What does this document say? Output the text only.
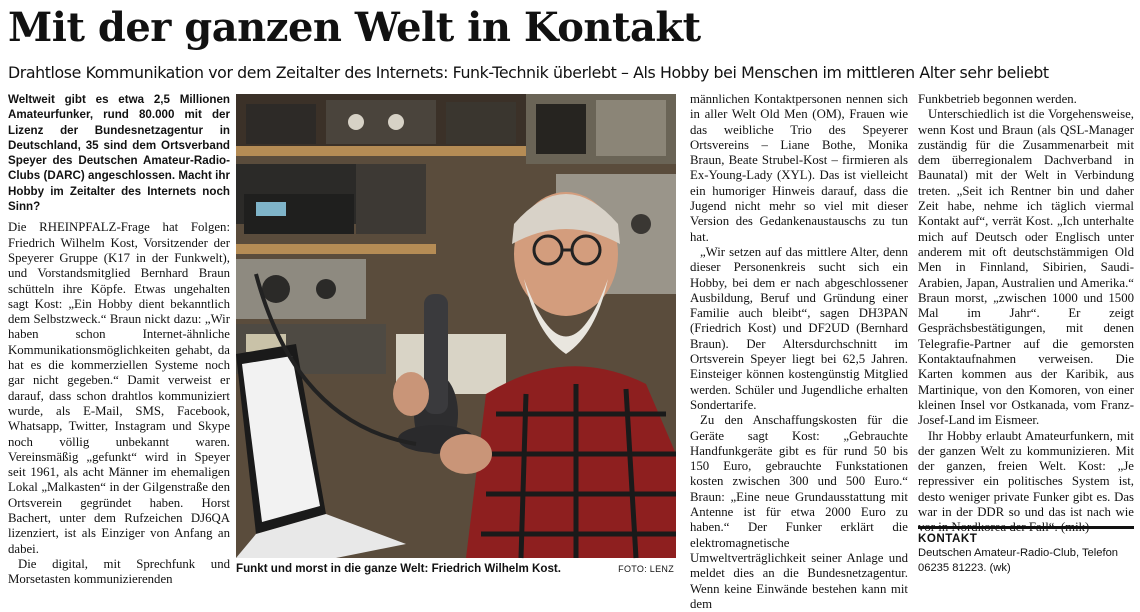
Mit der ganzen Welt in Kontakt
Drahtlose Kommunikation vor dem Zeitalter des Internets: Funk-Technik überlebt – Als Hobby bei Menschen im mittleren Alter sehr beliebt

Weltweit gibt es etwa 2,5 Millionen Amateurfunker, rund 80.000 mit der Lizenz der Bundesnetzagentur in Deutschland, 35 sind dem Ortsverband Speyer des Deutschen Amateur-Radio-Clubs (DARC) angeschlossen. Macht ihr Hobby im Zeitalter des Internets noch Sinn?

Die RHEINPFALZ-Frage hat Folgen: Friedrich Wilhelm Kost, Vorsitzender der Speyerer Gruppe (K17 in der Funkwelt), und Vorstandsmitglied Bernhard Braun schütteln ihre Köpfe. Etwas ungehalten sagt Kost: „Ein Hobby dient bekanntlich dem Selbstzweck.“ Braun nickt dazu: „Wir haben schon Internet-ähnliche Kommunikationsmöglichkeiten gehabt, da hat es die kommerziellen Systeme noch gar nicht gegeben.“ Damit verweist er darauf, dass schon drahtlos kommuniziert wurde, als E-Mail, SMS, Facebook, Whatsapp, Twitter, Instagram und Skype noch völlig unbekannt waren. Vereinsmäßig „gefunkt“ wird in Speyer seit 1961, als acht Männer im ehemaligen Lokal „Malkasten“ in der Gilgenstraße den Ortsverein gegründet haben. Horst Bachert, unter dem Rufzeichen DJ6QA lizenziert, ist als Einziger von Anfang an dabei.

Die digital, mit Sprechfunk und Morsetasten kommunizierenden

Funkt und morst in die ganze Welt: Friedrich Wilhelm Kost.	FOTO: LENZ

männlichen Kontaktpersonen nennen sich in aller Welt Old Men (OM), Frauen wie das weibliche Trio des Speyerer Ortsvereins – Liane Bothe, Monika Braun, Beate Strubel-Kost – firmieren als Ex-Young-Lady (XYL). Das ist vielleicht ein humoriger Hinweis darauf, dass die Jugend nicht mehr so viel mit dieser Version des Gedankenaustauschs zu tun hat.

„Wir setzen auf das mittlere Alter, denn dieser Personenkreis sucht sich ein Hobby, bei dem er nach abgeschlossener Ausbildung, Beruf und Gründung einer Familie auch bleibt“, sagen DH3PAN (Friedrich Kost) und DF2UD (Bernhard Braun). Der Altersdurchschnitt im Ortsverein Speyer liegt bei 62,5 Jahren. Einsteiger können kostengünstig Mitglied werden. Schüler und Jugendliche erhalten Sondertarife.

Zu den Anschaffungskosten für die Geräte sagt Kost: „Gebrauchte Handfunkgeräte gibt es für rund 50 bis 150 Euro, gebrauchte Funkstationen kosten zwischen 300 und 500 Euro.“ Braun: „Eine neue Grundausstattung mit Antenne ist für etwa 2000 Euro zu haben.“ Der Funker erklärt die elektromagnetische Umweltverträglichkeit seiner Anlage und meldet dies an die Bundesnetzagentur. Wenn keine Einwände bestehen kann mit dem

Funkbetrieb begonnen werden.

Unterschiedlich ist die Vorgehensweise, wenn Kost und Braun (als QSL-Manager zuständig für die Zusammenarbeit mit dem überregionalem Dachverband in Baunatal) mit der Welt in Verbindung treten. „Seit ich Rentner bin und daher Zeit habe, nehme ich täglich viermal Kontakt auf“, verrät Kost. „Ich unterhalte mich auf Deutsch oder Englisch unter anderem mit oft deutschstämmigen Old Men in Finnland, Sibirien, Saudi-Arabien, Japan, Australien und Amerika.“ Braun morst, „zwischen 1000 und 1500 Mal im Jahr“. Er zeigt Gesprächsbestätigungen, mit denen Telegrafie-Partner auf die gemorsten Kontaktaufnahmen verweisen. Die Karten kommen aus der Karibik, aus Martinique, von den Komoren, von einer kleinen Insel vor Ostkanada, vom Franz-Josef-Land im Eismeer.

Ihr Hobby erlaubt Amateurfunkern, mit der ganzen Welt zu kommunizieren. Mit der ganzen, freien Welt. Kost: „Je repressiver ein politisches System ist, desto weniger private Funker gibt es. Das war in der DDR so und das ist nach wie vor in Nordkorea der Fall“. (mik)

KONTAKT
Deutschen Amateur-Radio-Club, Telefon 06235 81223. (wk)
